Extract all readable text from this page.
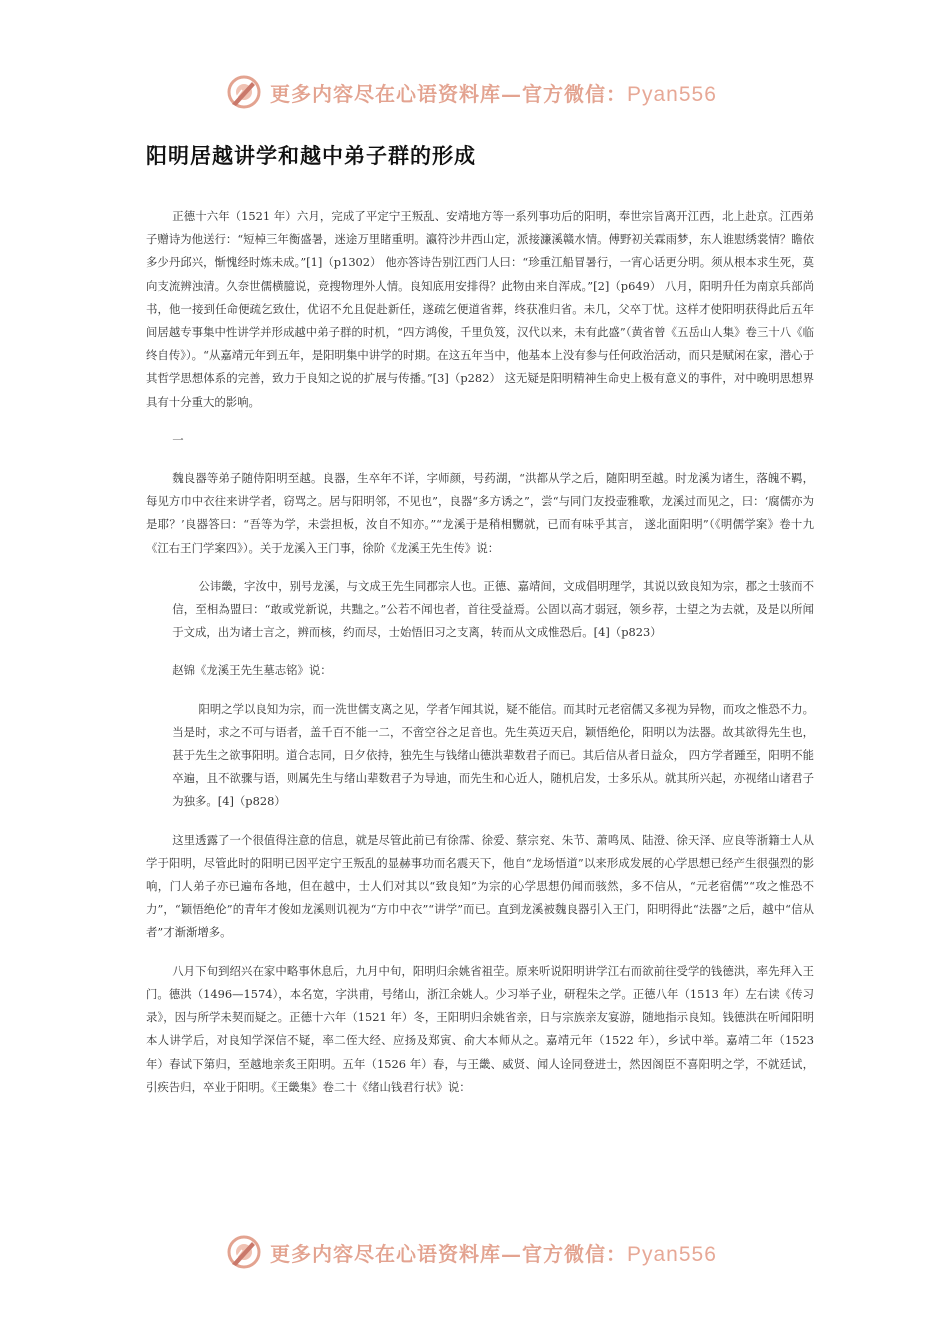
更多内容尽在心语资料库—官方微信：Pyan556
阳明居越讲学和越中弟子群的形成

正德十六年（1521 年）六月，完成了平定宁王叛乱、安靖地方等一系列事功后的阳明，奉世宗旨离开江西，北上赴京。江西弟子赠诗为他送行：“短棹三年衡盛暑，迷途万里睹重明。瀛符沙井西山定，派接濂溪赣水情。傅野初关霖雨梦，东人谁慰绣裳情？瞻依多少丹邱兴，惭愧经时炼未成。”[1]（p1302） 他亦答诗告别江西门人曰：“珍重江船冒暑行，一宵心话更分明。须从根本求生死，莫向支流辨浊清。久奈世儒横臆说，竞搜物理外人情。良知底用安排得？此物由来自浑成。”[2]（p649） 八月，阳明升任为南京兵部尚书，他一接到任命便疏乞致仕，优诏不允且促赴新任，遂疏乞便道省葬，终获准归省。未几，父卒丁忧。这样才使阳明获得此后五年间居越专事集中性讲学并形成越中弟子群的时机，“四方鸿俊，千里负笈，汉代以来，未有此盛”（黄省曾《五岳山人集》卷三十八《临终自传》）。“从嘉靖元年到五年，是阳明集中讲学的时期。在这五年当中，他基本上没有参与任何政治活动，而只是赋闲在家，潜心于其哲学思想体系的完善，致力于良知之说的扩展与传播。”[3]（p282） 这无疑是阳明精神生命史上极有意义的事件，对中晚明思想界具有十分重大的影响。

一

魏良器等弟子随侍阳明至越。良器，生卒年不详，字师颜，号药湖，“洪都从学之后，随阳明至越。时龙溪为诸生，落魄不羁，每见方巾中衣往来讲学者，窃骂之。居与阳明邻，不见也”，良器“多方诱之”，尝“与同门友投壶雅歌，龙溪过而见之，曰：‘腐儒亦为是耶？’良器答曰：“吾等为学，未尝担板，汝自不知亦。”“龙溪于是稍相嬲就，已而有味乎其言， 遂北面阳明”（《明儒学案》卷十九《江右王门学案四》）。关于龙溪入王门事，徐阶《龙溪王先生传》说：

公讳畿，字汝中，别号龙溪，与文成王先生同郡宗人也。正德、嘉靖间，文成倡明理学，其说以致良知为宗，郡之士骇而不信，至相為盟曰：“敢或党新说，共黜之。”公若不闻也者，首往受益焉。公固以高才弱冠，领乡荐，士望之为去就，及是以所闻于文成，出为诸士言之，辨而核，约而尽，士始悟旧习之支离，转而从文成惟恐后。[4]（p823）

赵锦《龙溪王先生墓志铭》说：

阳明之学以良知为宗，而一洗世儒支离之见，学者乍闻其说，疑不能信。而其时元老宿儒又多视为异物，而攻之惟恐不力。当是时，求之不可与语者，盖千百不能一二，不啻空谷之足音也。先生英迈天启，颖悟绝伦，阳明以为法器。故其欲得先生也，甚于先生之欲事阳明。道合志同，日夕依持，独先生与钱绪山德洪辈数君子而已。其后信从者日益众， 四方学者踵至，阳明不能卒遍，且不欲骤与语，则属先生与绪山辈数君子为导迪，而先生和心近人，随机启发，士多乐从。就其所兴起，亦视绪山诸君子为独多。[4]（p828）

这里透露了一个很值得注意的信息，就是尽管此前已有徐霈、徐爱、蔡宗兖、朱节、萧鸣凤、陆澄、徐天泽、应良等浙籍士人从学于阳明，尽管此时的阳明已因平定宁王叛乱的显赫事功而名震天下，他自“龙场悟道”以来形成发展的心学思想已经产生很强烈的影响，门人弟子亦已遍布各地，但在越中，士人们对其以“致良知”为宗的心学思想仍闻而骇然，多不信从，“元老宿儒”“攻之惟恐不力”，“颖悟绝伦”的青年才俊如龙溪则讥视为“方巾中衣”“讲学”而已。直到龙溪被魏良器引入王门，阳明得此“法器”之后，越中“信从者”才渐渐增多。

八月下旬到绍兴在家中略事休息后，九月中旬，阳明归余姚省祖茔。原来听说阳明讲学江右而欲前往受学的钱德洪，率先拜入王门。德洪（1496—1574），本名宽，字洪甫，号绪山，浙江余姚人。少习举子业，研程朱之学。正德八年（1513 年）左右读《传习录》，因与所学未契而疑之。正德十六年（1521 年）冬，王阳明归余姚省亲，日与宗族亲友宴游，随地指示良知。钱德洪在听闻阳明本人讲学后，对良知学深信不疑，率二侄大经、应扬及郑寅、俞大本师从之。嘉靖元年（1522 年），乡试中举。嘉靖二年（1523 年）春试下第归，至越地亲炙王阳明。五年（1526 年）春，与王畿、威贤、闻人诠同登进士，然因阁臣不喜阳明之学，不就廷试，引疾告归，卒业于阳明。《王畿集》卷二十《绪山钱君行状》说：

更多内容尽在心语资料库—官方微信：Pyan556
